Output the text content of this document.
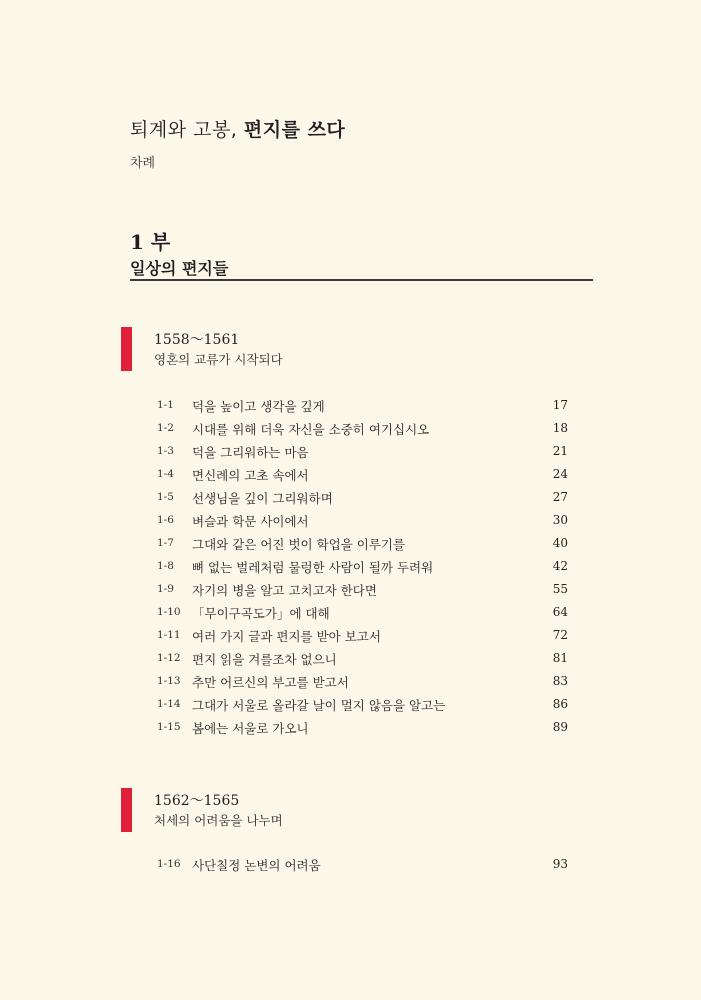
퇴계와 고봉, 편지를 쓰다
차례
1 부
일상의 편지들
1558～1561
영혼의 교류가 시작되다
1-1 덕을 높이고 생각을 깊게	17
1-2 시대를 위해 더욱 자신을 소중히 여기십시오	18
1-3 덕을 그리워하는 마음	21
1-4 면신례의 고초 속에서	24
1-5 선생님을 깊이 그리워하며	27
1-6 벼슬과 학문 사이에서	30
1-7 그대와 같은 어진 벗이 학업을 이루기를	40
1-8 뼈 없는 벌레처럼 물렁한 사람이 될까 두려워	42
1-9 자기의 병을 알고 고치고자 한다면	55
1-10 「무이구곡도가」에 대해	64
1-11 여러 가지 글과 편지를 받아 보고서	72
1-12 편지 읽을 겨를조차 없으니	81
1-13 추만 어르신의 부고를 받고서	83
1-14 그대가 서울로 올라갈 날이 멀지 않음을 알고는	86
1-15 봄에는 서울로 가오니	89
1562～1565
처세의 어려움을 나누며
1-16 사단칠정 논변의 어려움	93
